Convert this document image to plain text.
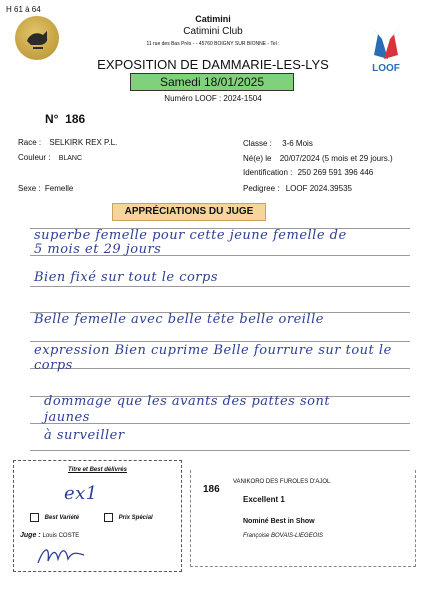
H 61 à 64
Catimini
Catimini Club
11 rue des Bas Prés - - 45760 BOIGNY SUR BIONNE - Tel :
EXPOSITION DE DAMMARIE-LES-LYS
Samedi 18/01/2025
Numéro LOOF : 2024-1504
LOOF
N° 186
Race : SELKIRK REX P.L.
Couleur : BLANC
Sexe : Femelle
Classe : 3-6 Mois
Né(e) le 20/07/2024 (5 mois et 29 jours.)
Identification : 250 269 591 396 446
Pedigree : LOOF 2024.39535
APPRÉCIATIONS DU JUGE
superbe femelle pour cette jeune femelle de
5 mois et 29 jours
Bien fixé sur tout le corps
Belle femelle avec belle tête belle oreille
expression Bien cuprime Belle fourrure sur tout le
corps
dommage que les avants des pattes sont
jaunes
à surveiller
Titre et Best délivrés
ex1
Best Variété	Prix Spécial
Juge : Louis COSTE
186
VANIKORO DES FUROLES D'AJOL
Excellent 1
Nominé Best in Show
Françoise BOVAIS-LIEGEOIS
